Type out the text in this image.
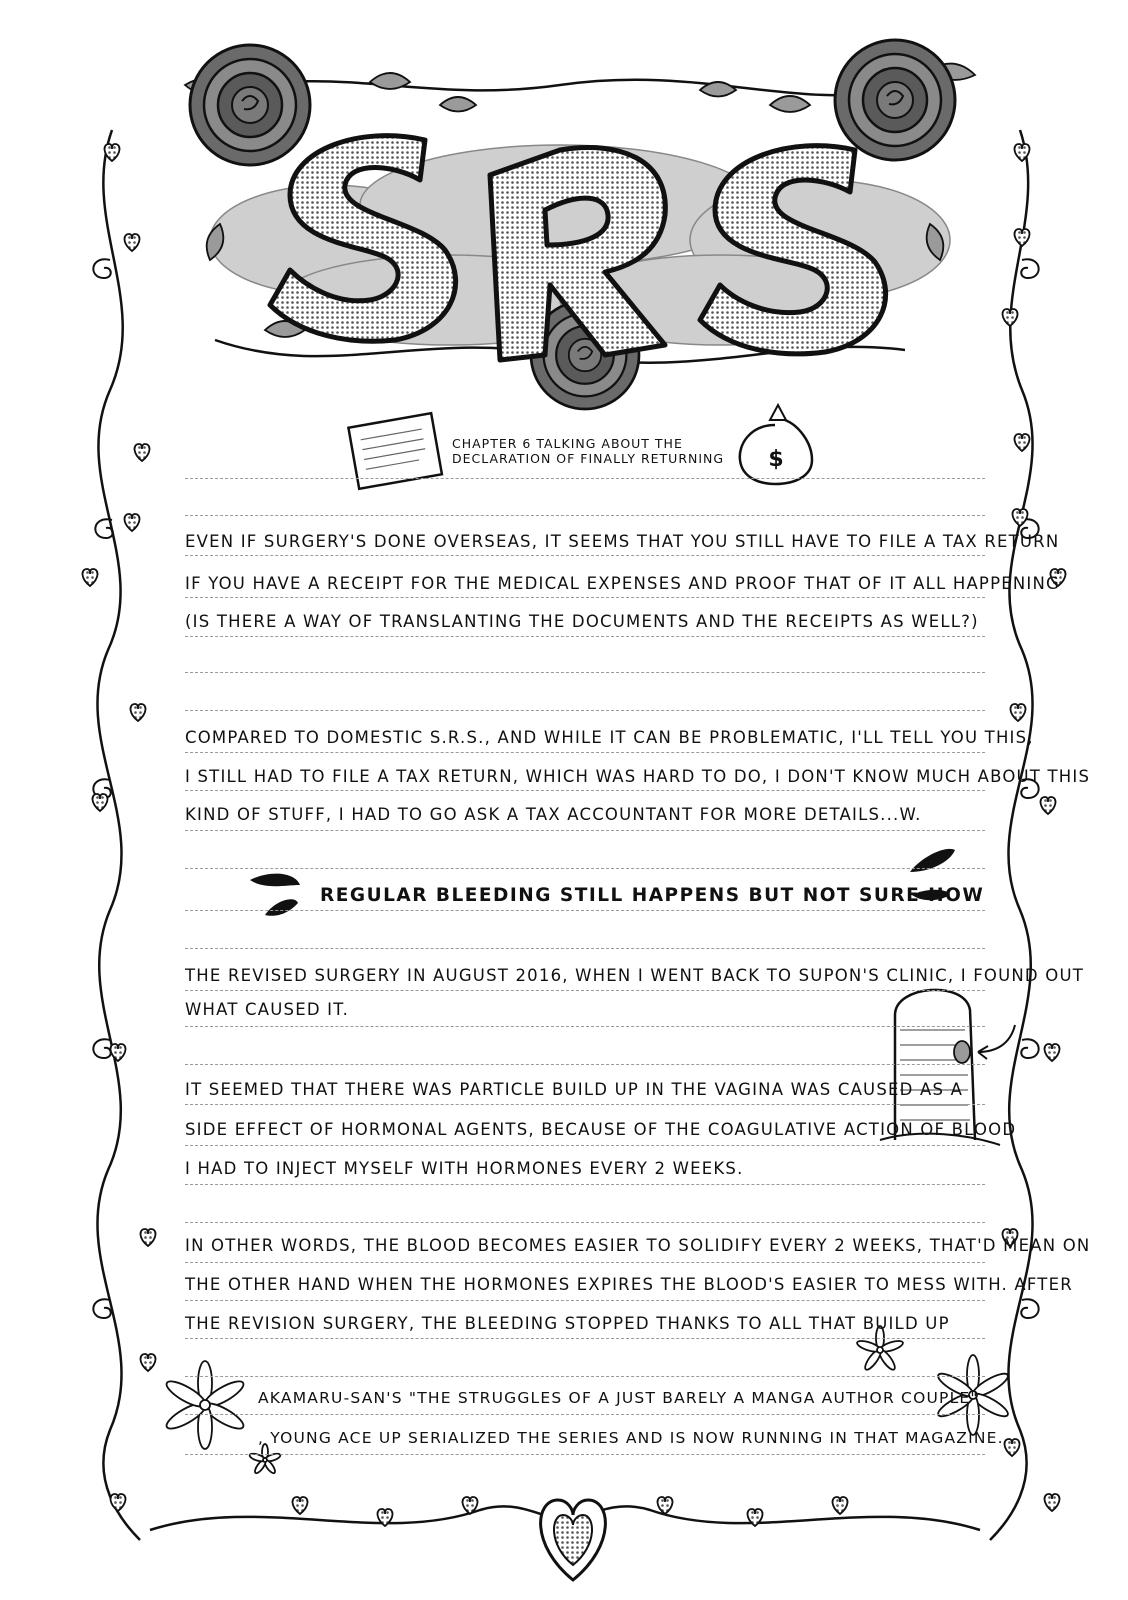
$
CHAPTER 6 TALKING ABOUT THE DECLARATION OF FINALLY RETURNING
EVEN IF SURGERY'S DONE OVERSEAS, IT SEEMS THAT YOU STILL HAVE TO FILE A TAX RETURN
IF YOU HAVE A RECEIPT FOR THE MEDICAL EXPENSES AND PROOF THAT OF IT ALL HAPPENING
(IS THERE A WAY OF TRANSLANTING THE DOCUMENTS AND THE RECEIPTS AS WELL?)
COMPARED TO DOMESTIC S.R.S., AND WHILE IT CAN BE PROBLEMATIC, I'LL TELL YOU THIS,
I STILL HAD TO FILE A TAX RETURN, WHICH WAS HARD TO DO, I DON'T KNOW MUCH ABOUT THIS
KIND OF STUFF, I HAD TO GO ASK A TAX ACCOUNTANT FOR MORE DETAILS...W.
REGULAR BLEEDING STILL HAPPENS BUT NOT SURE HOW
THE REVISED SURGERY IN AUGUST 2016, WHEN I WENT BACK TO SUPON'S CLINIC, I FOUND OUT
WHAT CAUSED IT.
IT SEEMED THAT THERE WAS PARTICLE BUILD UP IN THE VAGINA WAS CAUSED AS A
SIDE EFFECT OF HORMONAL AGENTS, BECAUSE OF THE COAGULATIVE ACTION OF BLOOD
I HAD TO INJECT MYSELF WITH HORMONES EVERY 2 WEEKS.
IN OTHER WORDS, THE BLOOD BECOMES EASIER TO SOLIDIFY EVERY 2 WEEKS, THAT'D MEAN ON
THE OTHER HAND WHEN THE HORMONES EXPIRES THE BLOOD'S EASIER TO MESS WITH. AFTER
THE REVISION SURGERY, THE BLEEDING STOPPED THANKS TO ALL THAT BUILD UP
AKAMARU-SAN'S "THE STRUGGLES OF A JUST BARELY A MANGA AUTHOR COUPLE"
, YOUNG ACE UP SERIALIZED THE SERIES AND IS NOW RUNNING IN THAT MAGAZINE.
